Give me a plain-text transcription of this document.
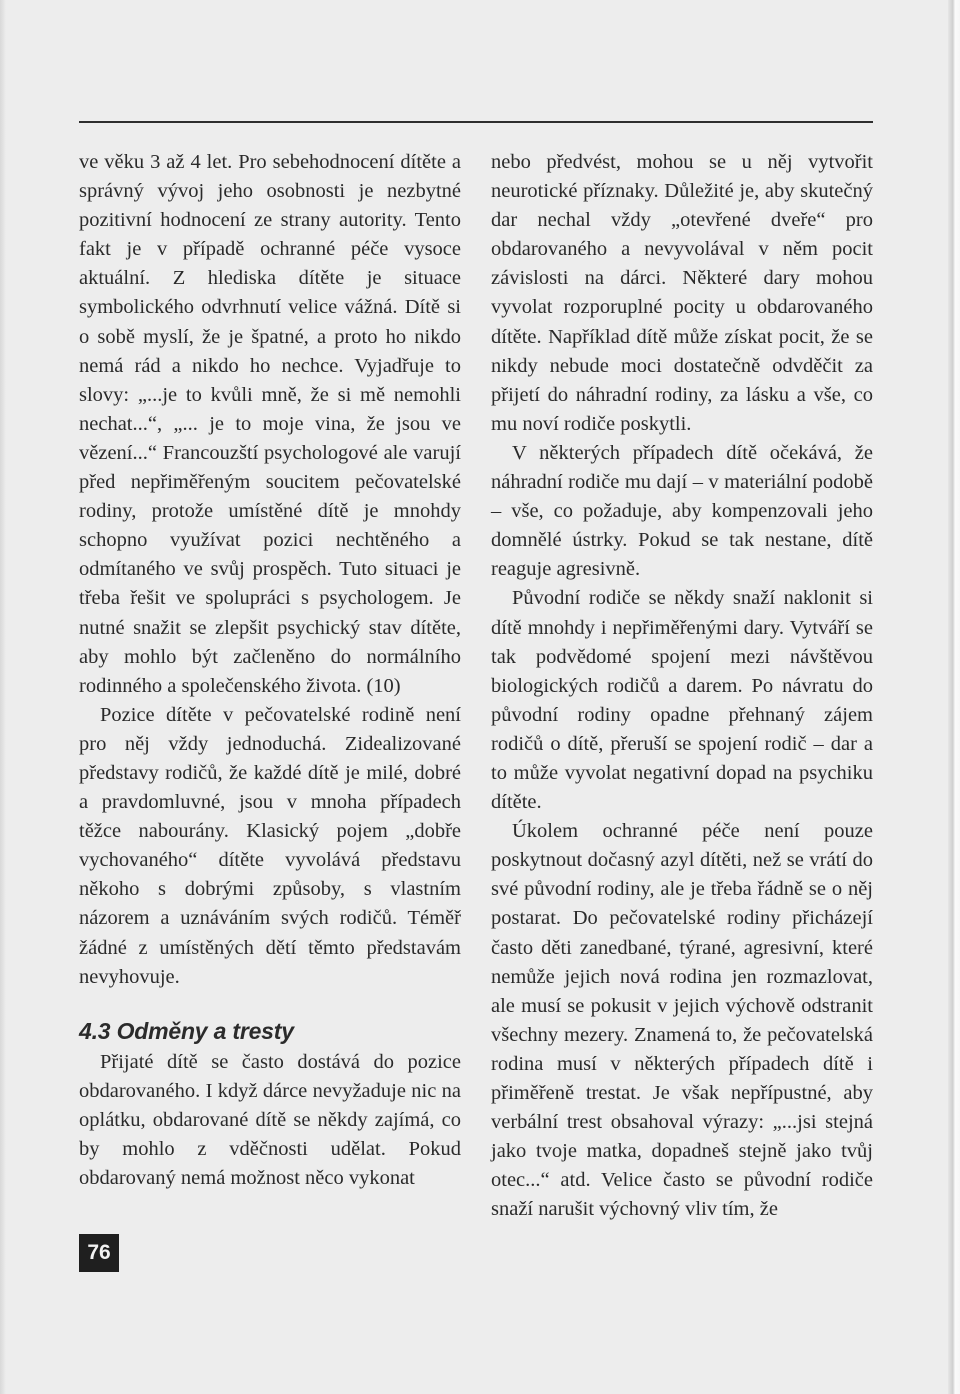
ve věku 3 až 4 let. Pro sebehodnocení dítěte a správný vývoj jeho osobnosti je nezbytné pozitivní hodnocení ze strany autority. Tento fakt je v případě ochranné péče vysoce aktuální. Z hlediska dítěte je situace symbolického odvrhnutí velice vážná. Dítě si o sobě myslí, že je špatné, a proto ho nikdo nemá rád a nikdo ho nechce. Vyjadřuje to slovy: „...je to kvůli mně, že si mě nemohli nechat...“, „... je to moje vina, že jsou ve vězení...“ Francouzští psychologové ale varují před nepřiměřeným soucitem pečovatelské rodiny, protože umístěné dítě je mnohdy schopno využívat pozici nechtěného a odmítaného ve svůj prospěch. Tuto situaci je třeba řešit ve spolupráci s psychologem. Je nutné snažit se zlepšit psychický stav dítěte, aby mohlo být začleněno do normálního rodinného a společenského života. (10)

Pozice dítěte v pečovatelské rodině není pro něj vždy jednoduchá. Zidealizované představy rodičů, že každé dítě je milé, dobré a pravdomluvné, jsou v mnoha případech těžce nabourány. Klasický pojem „dobře vychovaného“ dítěte vyvolává představu někoho s dobrými způsoby, s vlastním názorem a uznáváním svých rodičů. Téměř žádné z umístěných dětí těmto představám nevyhovuje.

4.3 Odměny a tresty

Přijaté dítě se často dostává do pozice obdarovaného. I když dárce nevyžaduje nic na oplátku, obdarované dítě se někdy zajímá, co by mohlo z vděčnosti udělat. Pokud obdarovaný nemá možnost něco vykonat

nebo předvést, mohou se u něj vytvořit neurotické příznaky. Důležité je, aby skutečný dar nechal vždy „otevřené dveře“ pro obdarovaného a nevyvolával v něm pocit závislosti na dárci. Některé dary mohou vyvolat rozporuplné pocity u obdarovaného dítěte. Například dítě může získat pocit, že se nikdy nebude moci dostatečně odvděčit za přijetí do náhradní rodiny, za lásku a vše, co mu noví rodiče poskytli.

V některých případech dítě očekává, že náhradní rodiče mu dají – v materiální podobě – vše, co požaduje, aby kompenzovali jeho domnělé ústrky. Pokud se tak nestane, dítě reaguje agresivně.

Původní rodiče se někdy snaží naklonit si dítě mnohdy i nepřiměřenými dary. Vytváří se tak podvědomé spojení mezi návštěvou biologických rodičů a darem. Po návratu do původní rodiny opadne přehnaný zájem rodičů o dítě, přeruší se spojení rodič – dar a to může vyvolat negativní dopad na psychiku dítěte.

Úkolem ochranné péče není pouze poskytnout dočasný azyl dítěti, než se vrátí do své původní rodiny, ale je třeba řádně se o něj postarat. Do pečovatelské rodiny přicházejí často děti zanedbané, týrané, agresivní, které nemůže jejich nová rodina jen rozmazlovat, ale musí se pokusit v jejich výchově odstranit všechny mezery. Znamená to, že pečovatelská rodina musí v některých případech dítě i přiměřeně trestat. Je však nepřípustné, aby verbální trest obsahoval výrazy: „...jsi stejná jako tvoje matka, dopadneš stejně jako tvůj otec...“ atd. Velice často se původní rodiče snaží narušit výchovný vliv tím, že

76
